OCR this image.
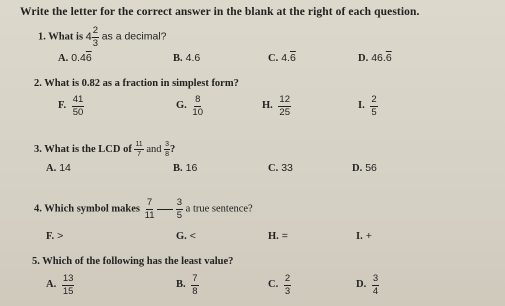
Write the letter for the correct answer in the blank at the right of each question.
1. What is $4 \frac{2}{3}$ as a decimal?
A. 0.46	B. 4.6	C. 4.6	D. 46.6
2. What is 0.82 as a fraction in simplest form?
F. $\frac{41}{50}$	G. $\frac{8}{10}$	H. $\frac{12}{25}$	I. $\frac{2}{5}$
3. What is the LCD of $\frac{11}{7}$ and $\frac{3}{8}$ ?
A. 14	B. 16	C. 33	D. 56
4. Which symbol makes $\frac{7}{11}$
$\frac{3}{5}$ a true sentence?
F. >	G. <	H. =	I. +
5. Which of the following has the least value?
A. $\frac{13}{15}$	B. $\frac{7}{8}$	C. $\frac{2}{3}$	D. $\frac{3}{4}$
